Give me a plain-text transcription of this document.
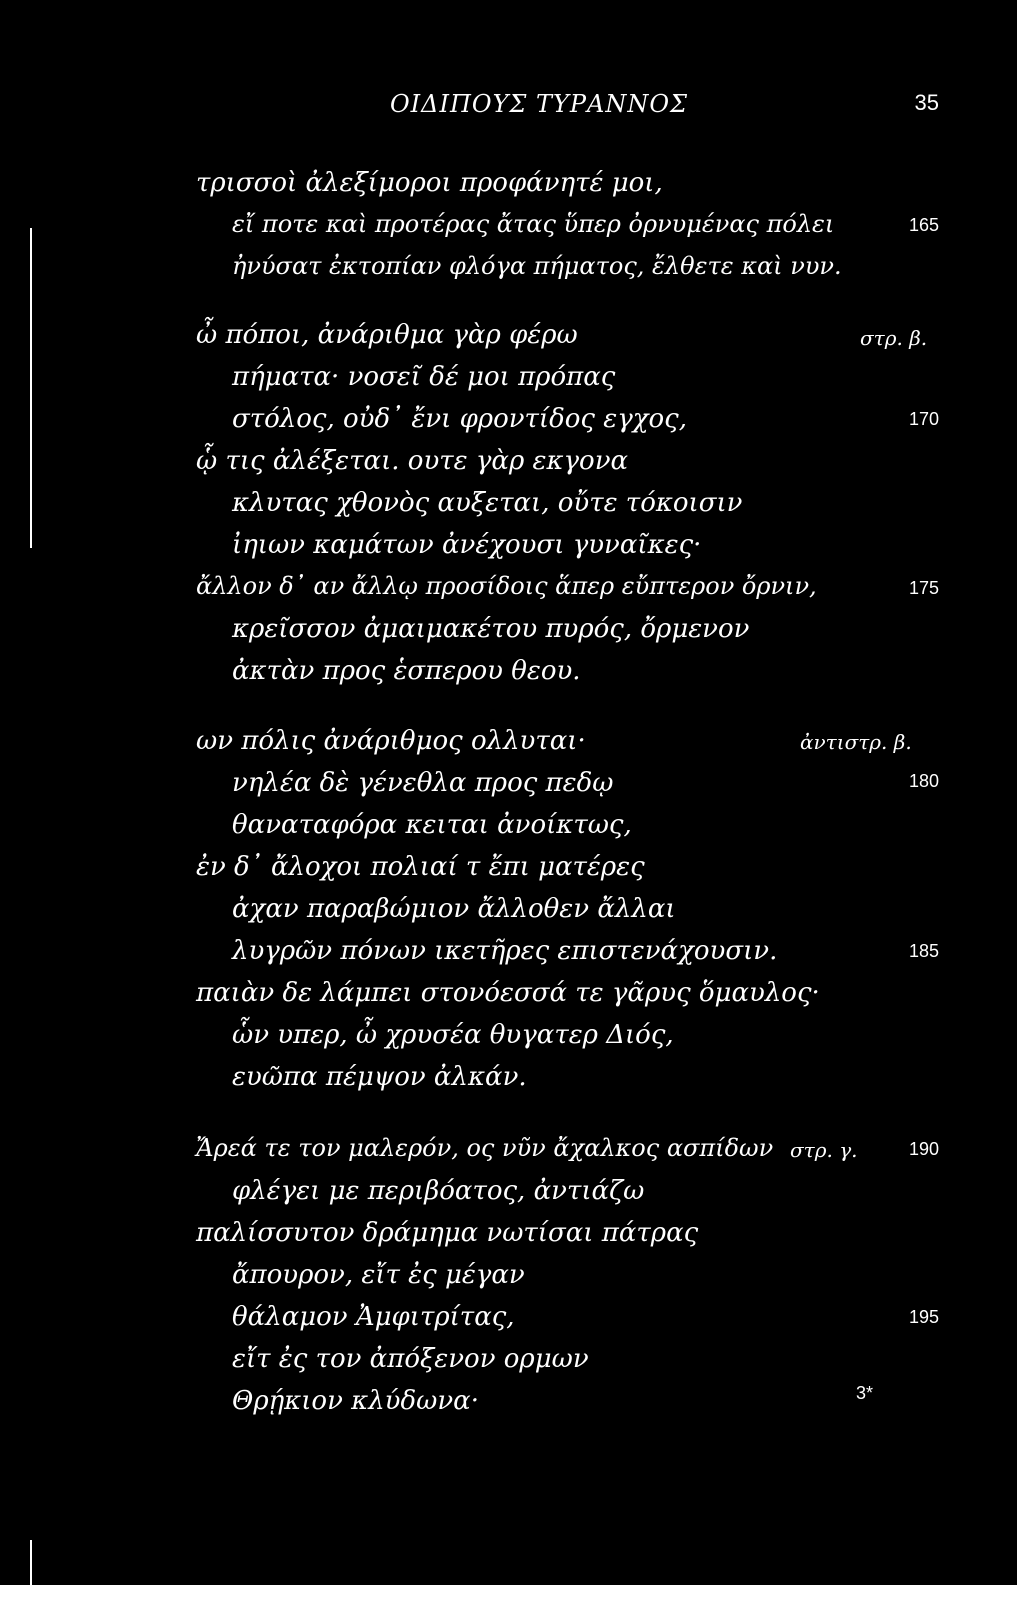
ΟΙΔΙΠΟΥΣ ΤΥΡΑΝΝΟΣ	35
τρισσοὶ ἀλεξίμοροι προφάνητέ μοι,
εἴ ποτε καὶ προτέρας ἄτας ὕπερ ὀρνυμένας πόλει	165
ἠνύσατ ἐκτοπίαν φλόγα πήματος, ἔλθετε καὶ νυν.
ὦ πόποι, ἀνάριθμα γὰρ φέρω	στρ. β.
πήματα· νοσεῖ δέ μοι πρόπας
στόλος, οὐδ᾽ ἔνι φροντίδος εγχος,	170
ᾧ τις ἀλέξεται. ουτε γὰρ εκγονα
κλυτας χθονὸς αυξεται, οὔτε τόκοισιν
ἰηιων καμάτων ἀνέχουσι γυναῖκες·
ἄλλον δ᾽ αν ἄλλῳ προσίδοις ἅπερ εὔπτερον ὄρνιν,	175
κρεῖσσον ἀμαιμακέτου πυρός, ὄρμενον
ἀκτὰν προς ἑσπερου θεου.
ων πόλις ἀνάριθμος ολλυται·	ἀντιστρ. β.
νηλέα δὲ γένεθλα προς πεδῳ	180
θαναταφόρα κειται ἀνοίκτως,
ἐν δ᾽ ἄλοχοι πολιαί τ ἔπι ματέρες
ἀχαν παραβώμιον ἄλλοθεν ἄλλαι
λυγρῶν πόνων ικετῆρες επιστενάχουσιν.	185
παιὰν δε λάμπει στονόεσσά τε γᾶρυς ὅμαυλος·
ὧν υπερ, ὦ χρυσέα θυγατερ Διός,
ευῶπα πέμψον ἀλκάν.
Ἄρεά τε τον μαλερόν, ος νῦν ἄχαλκος ασπίδων στρ. γ.	190
φλέγει με περιβόατος, ἀντιάζω
παλίσσυτον δράμημα νωτίσαι πάτρας
ἄπουρον, εἴτ ἐς μέγαν
θάλαμον Ἀμφιτρίτας,	195
εἴτ ἐς τον ἀπόξενον ορμων
Θρῄκιον κλύδωνα·	3*
